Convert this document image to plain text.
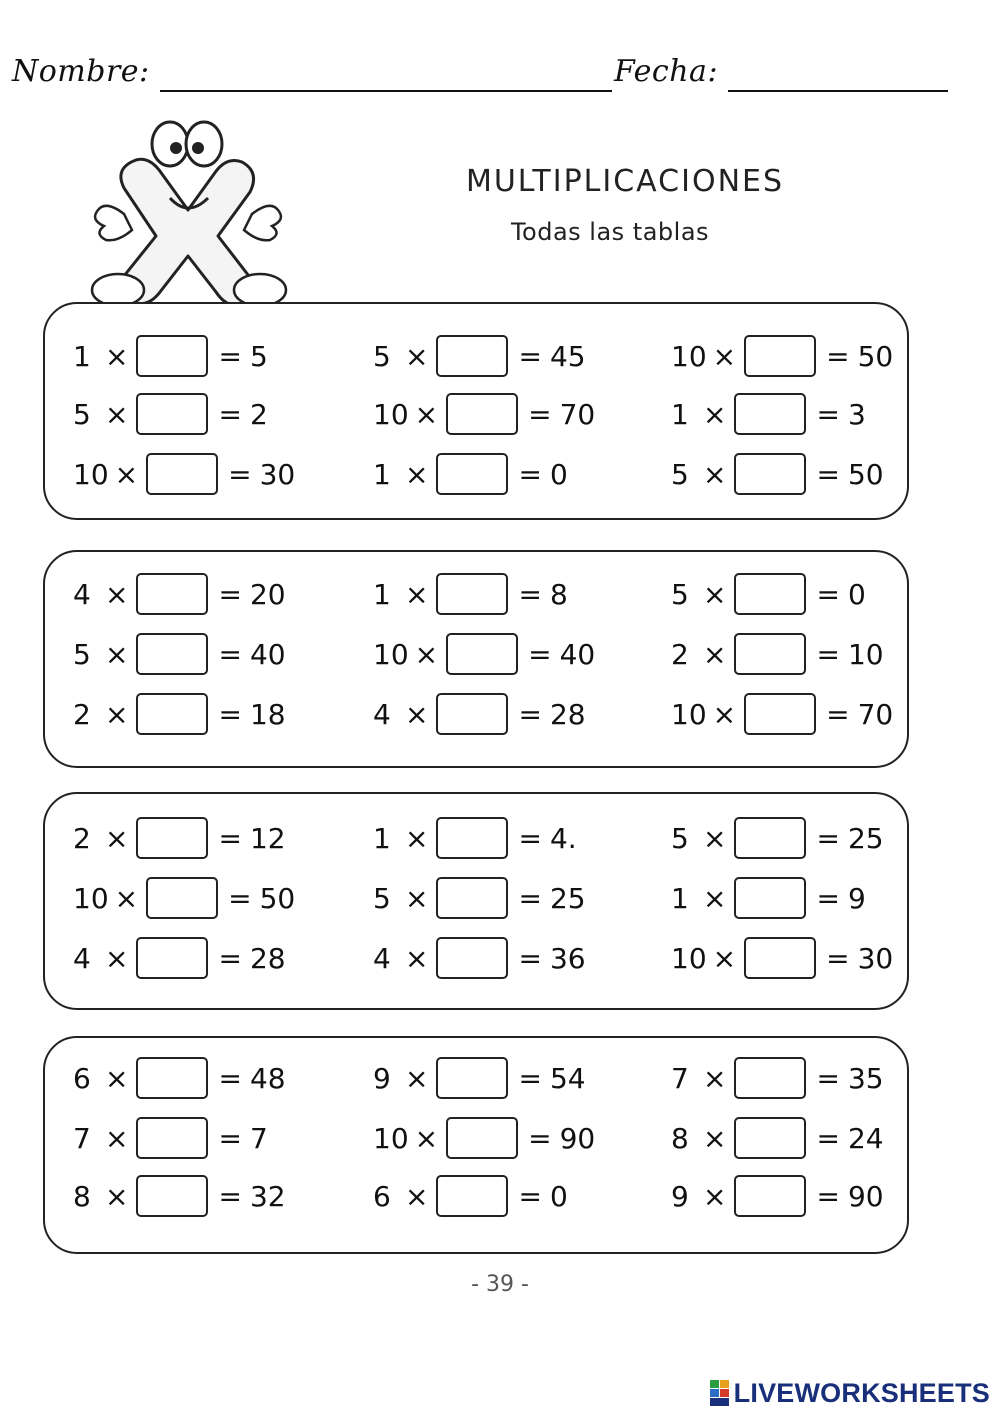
Nombre:	Fecha:
MULTIPLICACIONES
Todas las tablas
1 ×	= 5	5 ×	= 45	10 ×	= 50
5 ×	= 2	10 ×	= 70	1 ×	= 3
10 ×	= 30	1 ×	= 0	5 ×	= 50
4 ×	= 20	1 ×	= 8	5 ×	= 0
5 ×	= 40	10 ×	= 40	2 ×	= 10
2 ×	= 18	4 ×	= 28	10 ×	= 70
2 ×	= 12	1 ×	= 4.	5 ×	= 25
10 ×	= 50	5 ×	= 25	1 ×	= 9
4 ×	= 28	4 ×	= 36	10 ×	= 30
6 ×	= 48	9 ×	= 54	7 ×	= 35
7 ×	= 7	10 ×	= 90	8 ×	= 24
8 ×	= 32	6 ×	= 0	9 ×	= 90
- 39 -
LIVEWORKSHEETS
